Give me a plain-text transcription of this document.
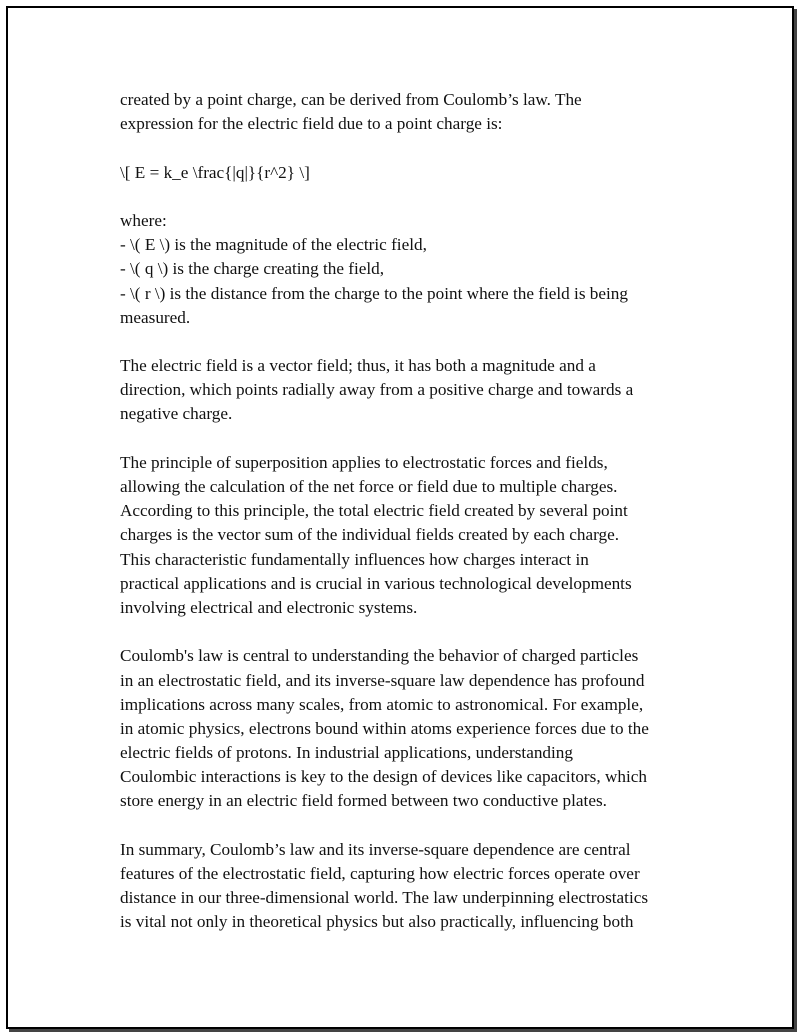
created by a point charge, can be derived from Coulomb’s law. The
expression for the electric field due to a point charge is:
\[ E = k_e \frac{|q|}{r^2} \]
where:
- \( E \) is the magnitude of the electric field,
- \( q \) is the charge creating the field,
- \( r \) is the distance from the charge to the point where the field is being
measured.
The electric field is a vector field; thus, it has both a magnitude and a
direction, which points radially away from a positive charge and towards a
negative charge.
The principle of superposition applies to electrostatic forces and fields,
allowing the calculation of the net force or field due to multiple charges.
According to this principle, the total electric field created by several point
charges is the vector sum of the individual fields created by each charge.
This characteristic fundamentally influences how charges interact in
practical applications and is crucial in various technological developments
involving electrical and electronic systems.
Coulomb's law is central to understanding the behavior of charged particles
in an electrostatic field, and its inverse-square law dependence has profound
implications across many scales, from atomic to astronomical. For example,
in atomic physics, electrons bound within atoms experience forces due to the
electric fields of protons. In industrial applications, understanding
Coulombic interactions is key to the design of devices like capacitors, which
store energy in an electric field formed between two conductive plates.
In summary, Coulomb’s law and its inverse-square dependence are central
features of the electrostatic field, capturing how electric forces operate over
distance in our three-dimensional world. The law underpinning electrostatics
is vital not only in theoretical physics but also practically, influencing both
